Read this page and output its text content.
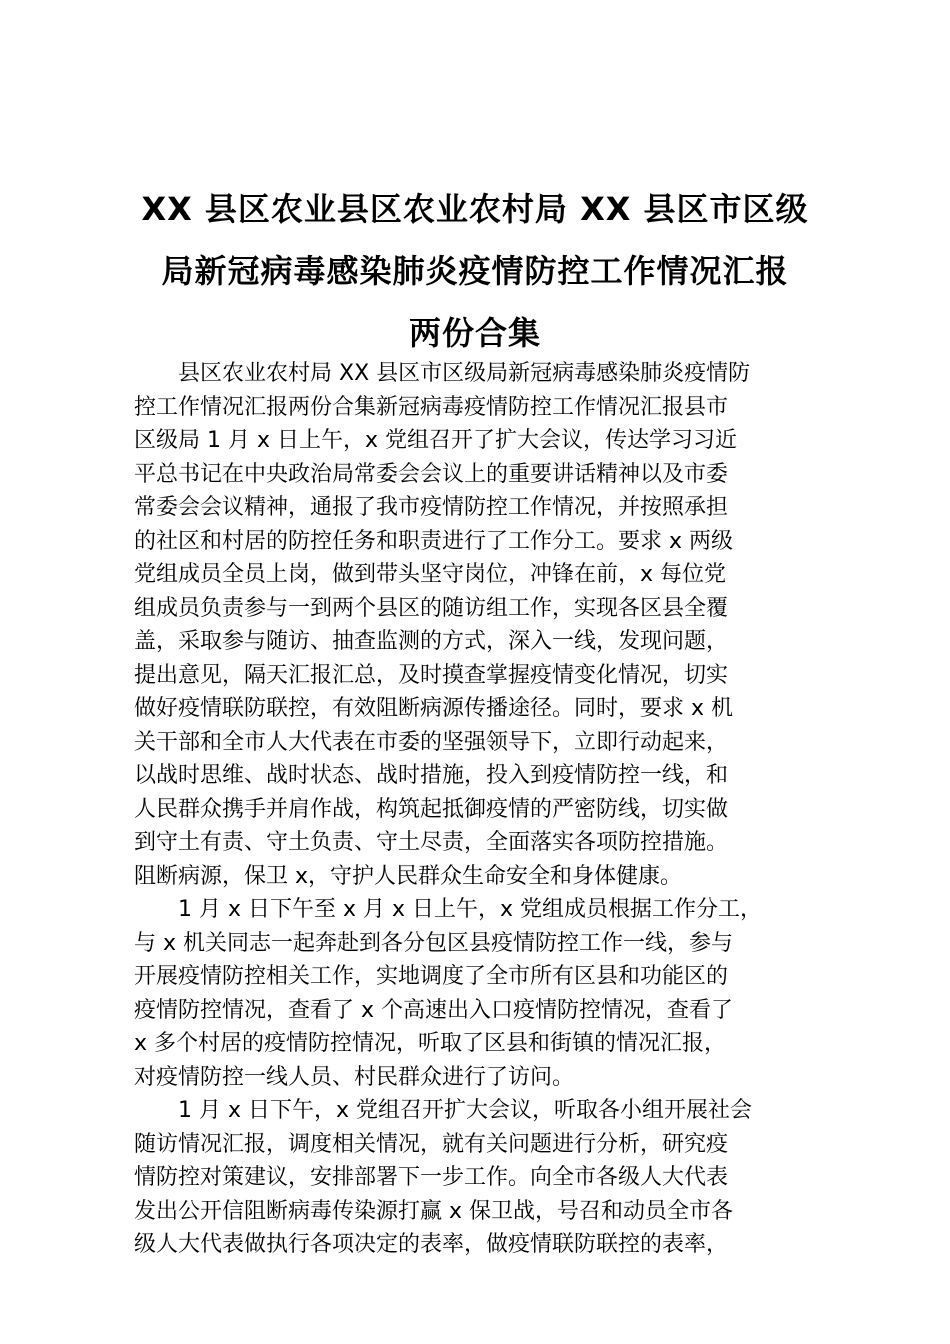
XX 县区农业县区农业农村局 XX 县区市区级
局新冠病毒感染肺炎疫情防控工作情况汇报
两份合集
县区农业农村局 XX 县区市区级局新冠病毒感染肺炎疫情防
控工作情况汇报两份合集新冠病毒疫情防控工作情况汇报县市
区级局 1 月 x 日上午，x 党组召开了扩大会议，传达学习习近
平总书记在中央政治局常委会会议上的重要讲话精神以及市委
常委会会议精神，通报了我市疫情防控工作情况，并按照承担
的社区和村居的防控任务和职责进行了工作分工。要求 x 两级
党组成员全员上岗，做到带头坚守岗位，冲锋在前，x 每位党
组成员负责参与一到两个县区的随访组工作，实现各区县全覆
盖，采取参与随访、抽查监测的方式，深入一线，发现问题，
提出意见，隔天汇报汇总，及时摸查掌握疫情变化情况，切实
做好疫情联防联控，有效阻断病源传播途径。同时，要求 x 机
关干部和全市人大代表在市委的坚强领导下，立即行动起来，
以战时思维、战时状态、战时措施，投入到疫情防控一线，和
人民群众携手并肩作战，构筑起抵御疫情的严密防线，切实做
到守土有责、守土负责、守土尽责，全面落实各项防控措施。
阻断病源，保卫 x，守护人民群众生命安全和身体健康。
1 月 x 日下午至 x 月 x 日上午，x 党组成员根据工作分工，
与 x 机关同志一起奔赴到各分包区县疫情防控工作一线，参与
开展疫情防控相关工作，实地调度了全市所有区县和功能区的
疫情防控情况，查看了 x 个高速出入口疫情防控情况，查看了
x 多个村居的疫情防控情况，听取了区县和街镇的情况汇报，
对疫情防控一线人员、村民群众进行了访问。
1 月 x 日下午，x 党组召开扩大会议，听取各小组开展社会
随访情况汇报，调度相关情况，就有关问题进行分析，研究疫
情防控对策建议，安排部署下一步工作。向全市各级人大代表
发出公开信阻断病毒传染源打赢 x 保卫战，号召和动员全市各
级人大代表做执行各项决定的表率，做疫情联防联控的表率，
